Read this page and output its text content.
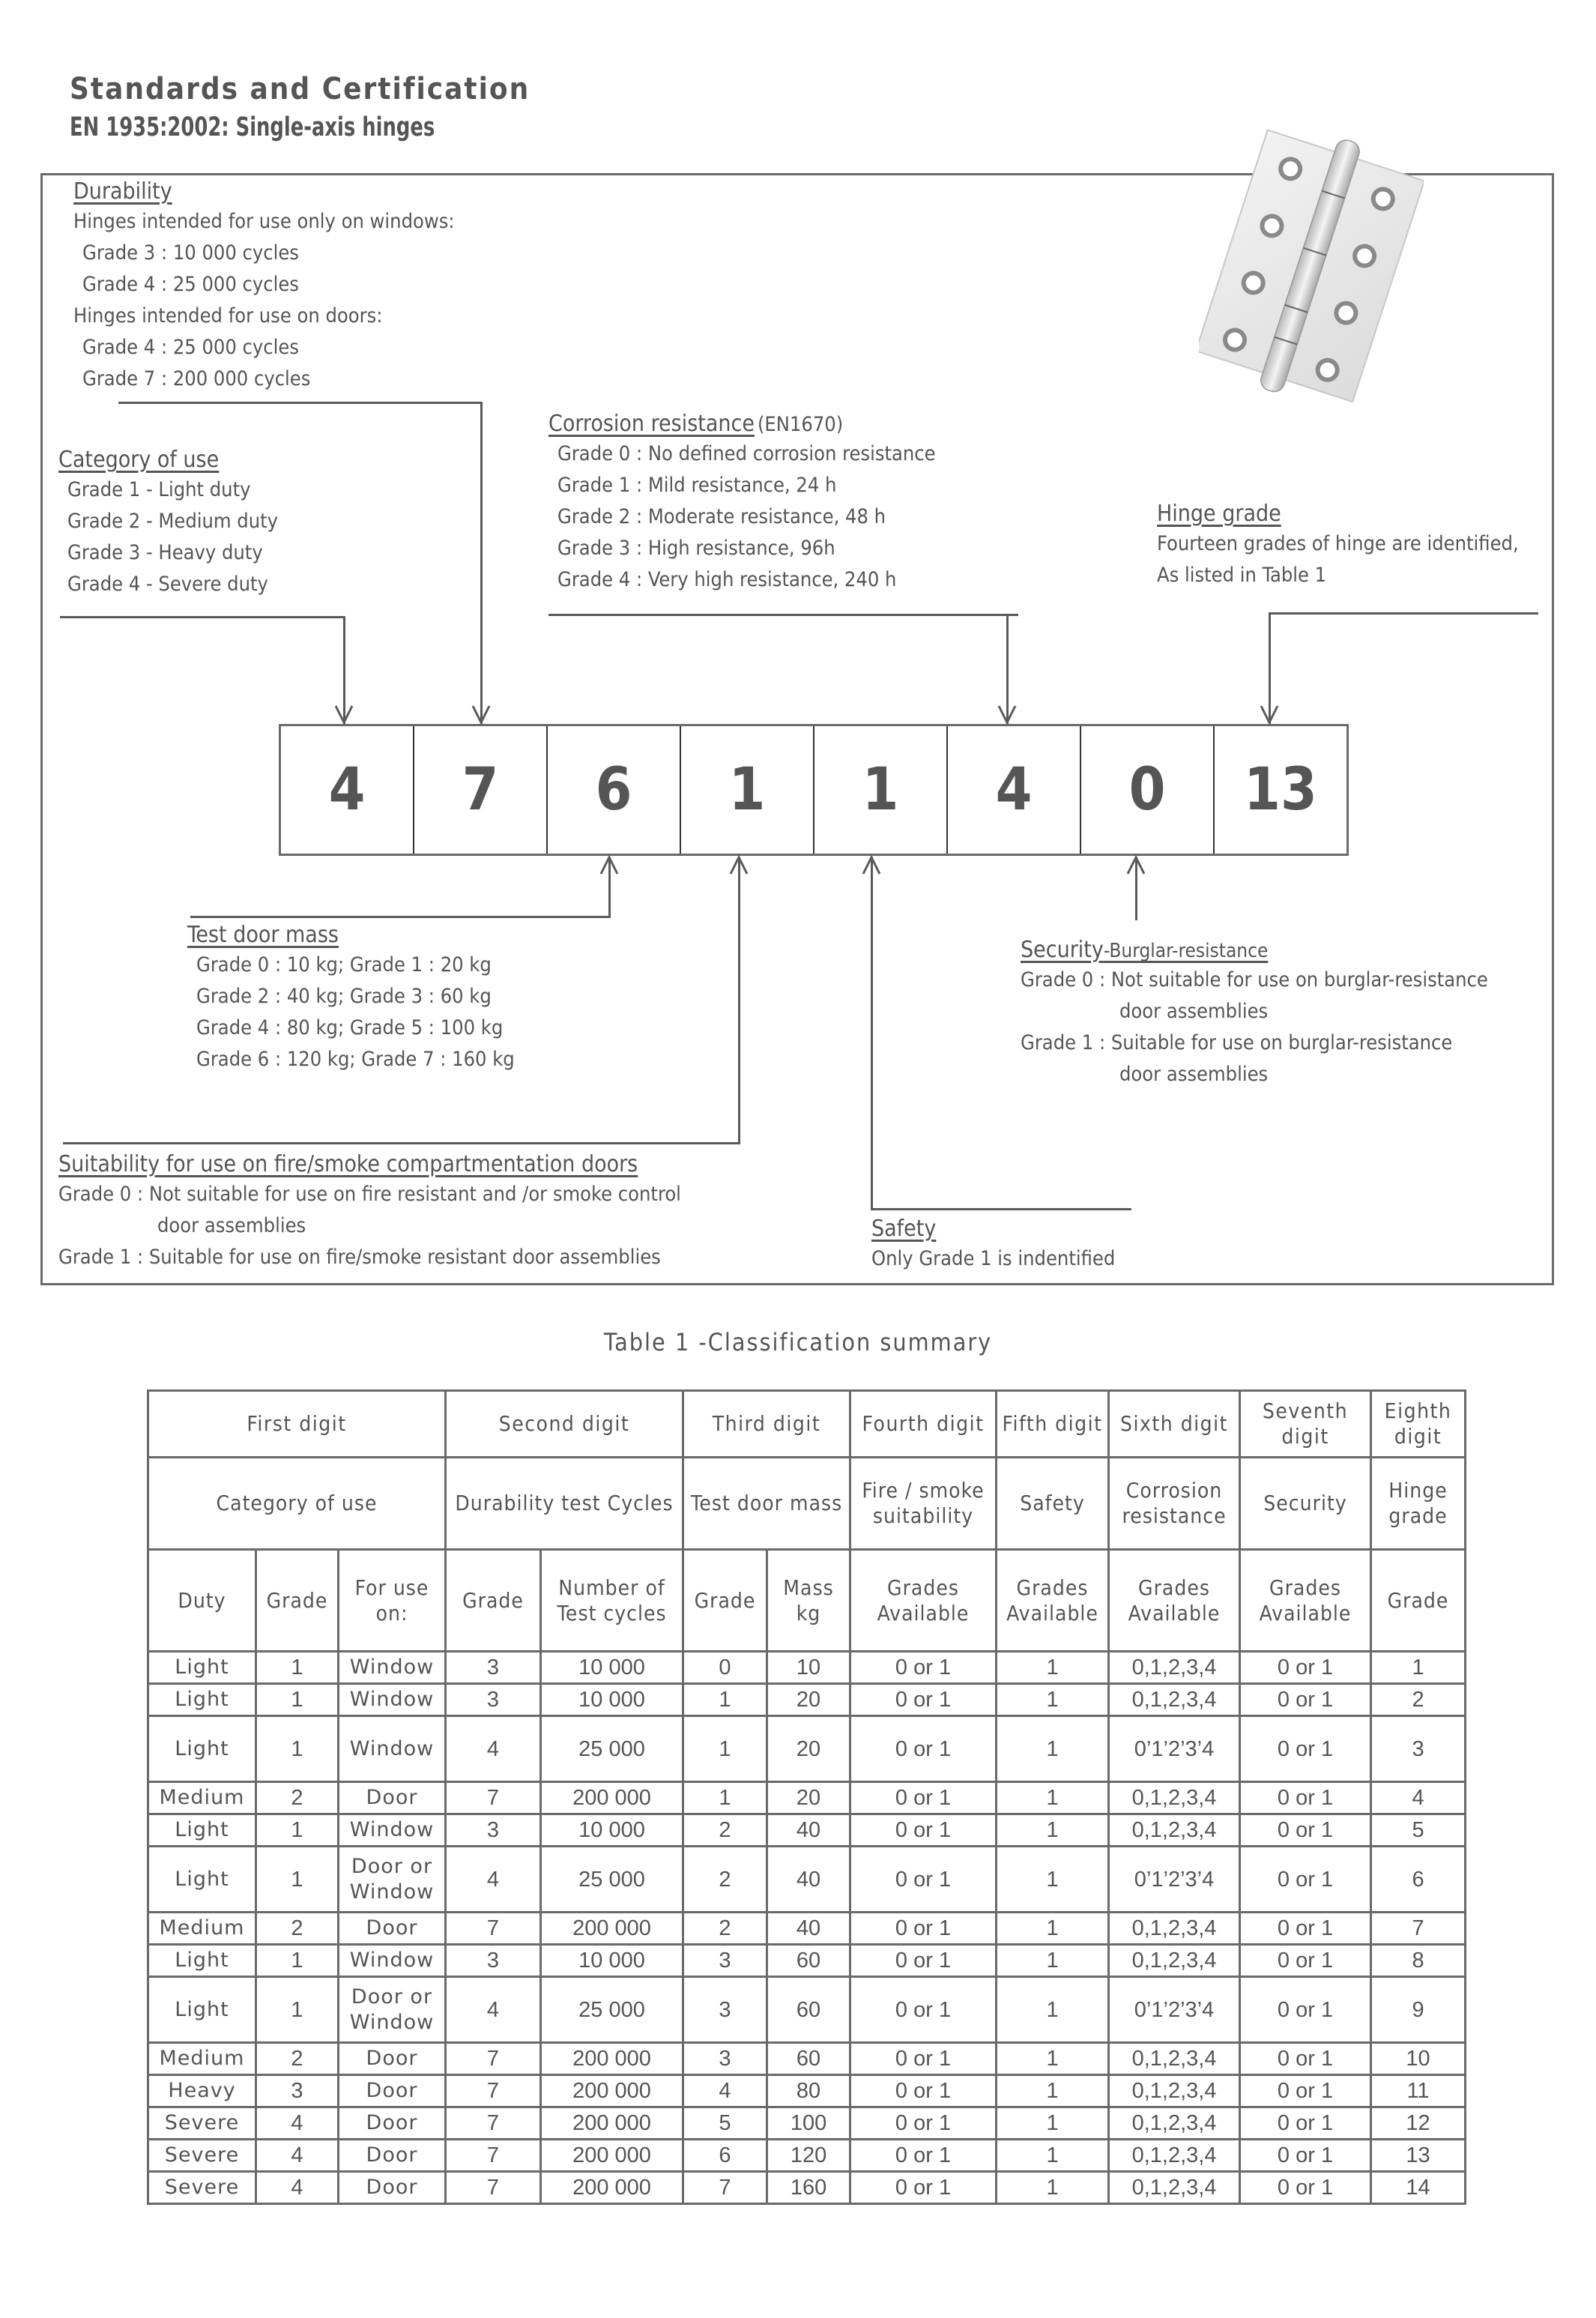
Standards and Certification
EN 1935:2002: Single-axis hinges
Durability
Hinges intended for use only on windows:
Grade 3 : 10 000 cycles
Grade 4 : 25 000 cycles
Hinges intended for use on doors:
Grade 4 : 25 000 cycles
Grade 7 : 200 000 cycles
Category of use
Grade 1 - Light duty
Grade 2 - Medium duty
Grade 3 - Heavy duty
Grade 4 - Severe duty
Corrosion resistance (EN1670)
Grade 0 : No defined corrosion resistance
Grade 1 : Mild resistance, 24 h
Grade 2 : Moderate resistance, 48 h
Grade 3 : High resistance, 96h
Grade 4 : Very high resistance, 240 h
Hinge grade
Fourteen grades of hinge are identified,
As listed in Table 1
4	7	6	1	1	4	0	13
Test door mass
Grade 0 : 10 kg; Grade 1 : 20 kg
Grade 2 : 40 kg; Grade 3 : 60 kg
Grade 4 : 80 kg; Grade 5 : 100 kg
Grade 6 : 120 kg; Grade 7 : 160 kg
Suitability for use on fire/smoke compartmentation doors
Grade 0 : Not suitable for use on fire resistant and /or smoke control
door assemblies
Grade 1 : Suitable for use on fire/smoke resistant door assemblies
Safety
Only Grade 1 is indentified
Security-Burglar-resistance
Grade 0 : Not suitable for use on burglar-resistance
door assemblies
Grade 1 : Suitable for use on burglar-resistance
door assemblies
Table 1 -Classification summary
First digit			Second digit		Third digit		Fourth digit	Fifth digit	Sixth digit	Seventh digit	Eighth digit
Category of use			Durability test Cycles		Test door mass		Fire / smoke suitability	Safety	Corrosion resistance	Security	Hinge grade
Duty	Grade	For use on:	Grade	Number of Test cycles	Grade	Mass kg	Grades Available	Grades Available	Grades Available	Grades Available	Grade
Light	1	Window	3	10 000	0	10	0 or 1	1	0,1,2,3,4	0 or 1	1
Light	1	Window	3	10 000	1	20	0 or 1	1	0,1,2,3,4	0 or 1	2
Light	1	Window	4	25 000	1	20	0 or 1	1	0’1’2’3’4	0 or 1	3
Medium	2	Door	7	200 000	1	20	0 or 1	1	0,1,2,3,4	0 or 1	4
Light	1	Window	3	10 000	2	40	0 or 1	1	0,1,2,3,4	0 or 1	5
Light	1	Door or Window	4	25 000	2	40	0 or 1	1	0’1’2’3’4	0 or 1	6
Medium	2	Door	7	200 000	2	40	0 or 1	1	0,1,2,3,4	0 or 1	7
Light	1	Window	3	10 000	3	60	0 or 1	1	0,1,2,3,4	0 or 1	8
Light	1	Door or Window	4	25 000	3	60	0 or 1	1	0’1’2’3’4	0 or 1	9
Medium	2	Door	7	200 000	3	60	0 or 1	1	0,1,2,3,4	0 or 1	10
Heavy	3	Door	7	200 000	4	80	0 or 1	1	0,1,2,3,4	0 or 1	11
Severe	4	Door	7	200 000	5	100	0 or 1	1	0,1,2,3,4	0 or 1	12
Severe	4	Door	7	200 000	6	120	0 or 1	1	0,1,2,3,4	0 or 1	13
Severe	4	Door	7	200 000	7	160	0 or 1	1	0,1,2,3,4	0 or 1	14
